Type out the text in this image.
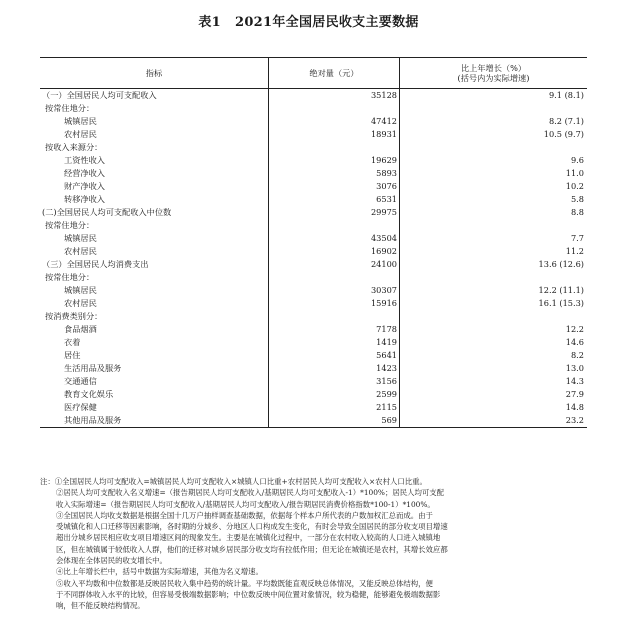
表1 2021年全国居民收支主要数据
指标	绝对量（元）	比上年增长（%）
(括号内为实际增速)

（一）全国居民人均可支配收入	35128	9.1 (8.1)
按常住地分：		
城镇居民	47412	8.2 (7.1)
农村居民	18931	10.5 (9.7)
按收入来源分：		
工资性收入	19629	9.6
经营净收入	5893	11.0
财产净收入	3076	10.2
转移净收入	6531	5.8
(二)全国居民人均可支配收入中位数	29975	8.8
按常住地分：		
城镇居民	43504	7.7
农村居民	16902	11.2
（三）全国居民人均消费支出	24100	13.6 (12.6)
按常住地分：		
城镇居民	30307	12.2 (11.1)
农村居民	15916	16.1 (15.3)
按消费类别分：		
食品烟酒	7178	12.2
衣着	1419	14.6
居住	5641	8.2
生活用品及服务	1423	13.0
交通通信	3156	14.3
教育文化娱乐	2599	27.9
医疗保健	2115	14.8
其他用品及服务	569	23.2

注：①全国居民人均可支配收入=城镇居民人均可支配收入×城镇人口比重+农村居民人均可支配收入×农村人口比重。

②居民人均可支配收入名义增速=（报告期居民人均可支配收入/基期居民人均可支配收入-1）*100%；居民人均可支配

收入实际增速=（报告期居民人均可支配收入/基期居民人均可支配收入/报告期居民消费价格指数*100-1）*100%。

③全国居民人均收支数据是根据全国十几万户抽样调查基础数据，依据每个样本户所代表的户数加权汇总而成。由于

受城镇化和人口迁移等因素影响，各时期的分城乡、分地区人口构成发生变化，有时会导致全国居民的部分收支项目增速

超出分城乡居民相应收支项目增速区间的现象发生。主要是在城镇化过程中，一部分在农村收入较高的人口进入城镇地

区，但在城镇属于较低收入人群，他们的迁移对城乡居民部分收支均有拉低作用；但无论在城镇还是农村，其增长效应都

会体现在全体居民的收支增长中。

④比上年增长栏中，括号中数据为实际增速，其他为名义增速。

⑤收入平均数和中位数都是反映居民收入集中趋势的统计量。平均数既能直观反映总体情况，又能反映总体结构，便

于不同群体收入水平的比较，但容易受极端数据影响；中位数反映中间位置对象情况，较为稳健，能够避免极端数据影

响，但不能反映结构情况。
